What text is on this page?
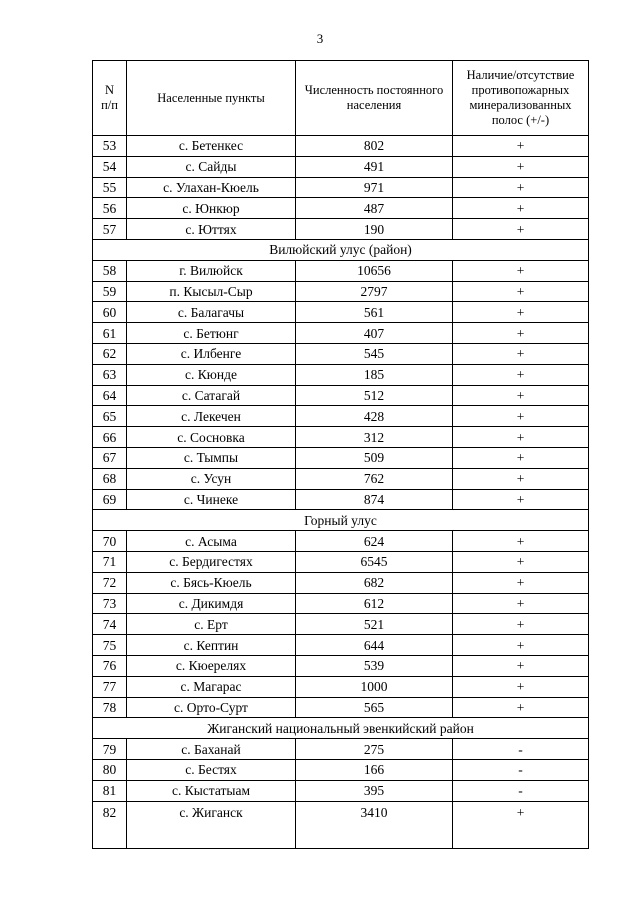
3
N
п/п	Населенные пункты	Численность постоянного населения	Наличие/отсутствие противопожарных минерализованных полос (+/-)
53	с. Бетенкес	802	+
54	с. Сайды	491	+
55	с. Улахан-Кюель	971	+
56	с. Юнкюр	487	+
57	с. Юттях	190	+
Вилюйский улус (район)			
58	г. Вилюйск	10656	+
59	п. Кысыл-Сыр	2797	+
60	с. Балагачы	561	+
61	с. Бетюнг	407	+
62	с. Илбенге	545	+
63	с. Кюнде	185	+
64	с. Сатагай	512	+
65	с. Лекечен	428	+
66	с. Сосновка	312	+
67	с. Тымпы	509	+
68	с. Усун	762	+
69	с. Чинеке	874	+
Горный улус			
70	с. Асыма	624	+
71	с. Бердигестях	6545	+
72	с. Бясь-Кюель	682	+
73	с. Дикимдя	612	+
74	с. Ерт	521	+
75	с. Кептин	644	+
76	с. Кюерелях	539	+
77	с. Магарас	1000	+
78	с. Орто-Сурт	565	+
Жиганский национальный эвенкийский район			
79	с. Баханай	275	-
80	с. Бестях	166	-
81	с. Кыстатыам	395	-
82	с. Жиганск	3410	+
